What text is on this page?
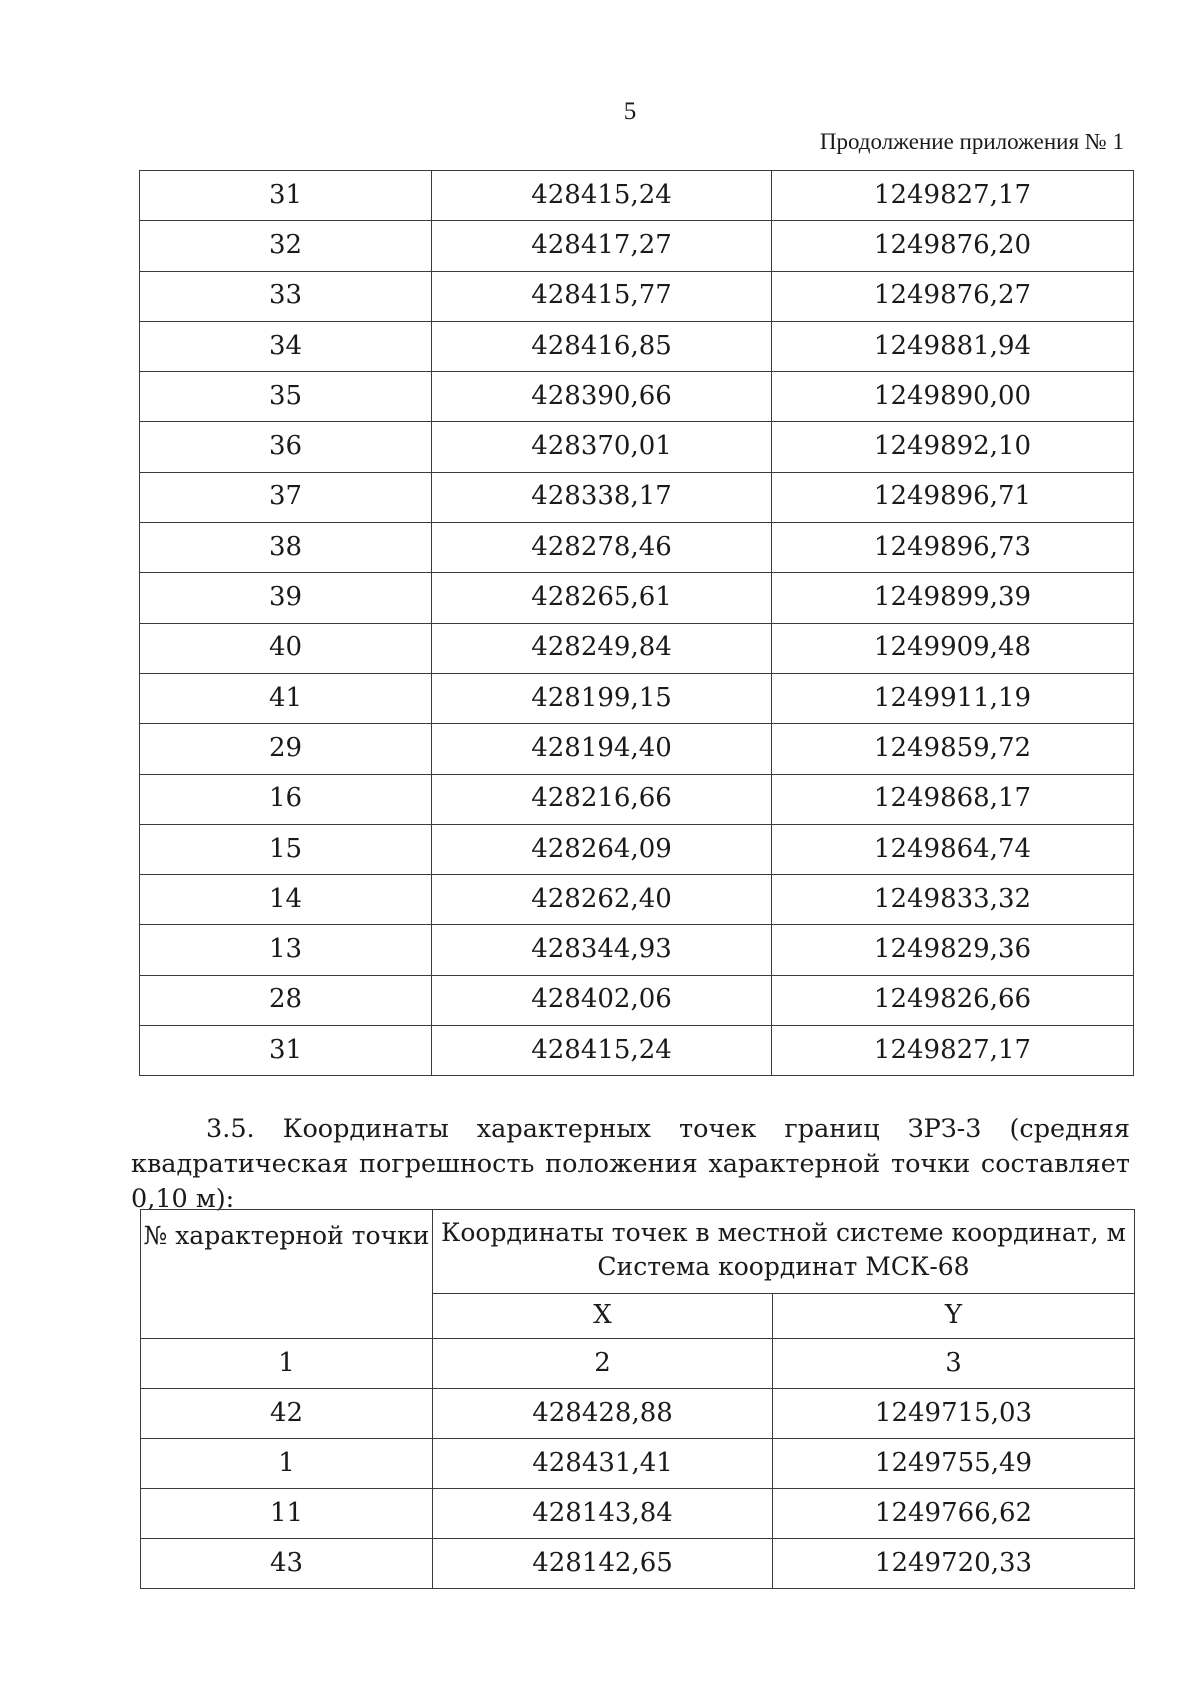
5
Продолжение приложения № 1
31	428415,24	1249827,17
32	428417,27	1249876,20
33	428415,77	1249876,27
34	428416,85	1249881,94
35	428390,66	1249890,00
36	428370,01	1249892,10
37	428338,17	1249896,71
38	428278,46	1249896,73
39	428265,61	1249899,39
40	428249,84	1249909,48
41	428199,15	1249911,19
29	428194,40	1249859,72
16	428216,66	1249868,17
15	428264,09	1249864,74
14	428262,40	1249833,32
13	428344,93	1249829,36
28	428402,06	1249826,66
31	428415,24	1249827,17
3.5. Координаты характерных точек границ ЗРЗ-3 (средняя квадратическая погрешность положения характерной точки составляет 0,10 м):
№ характерной точки	Координаты точек в местной системе координат, м
Система координат МСК-68	

	X	Y
1	2	3
42	428428,88	1249715,03
1	428431,41	1249755,49
11	428143,84	1249766,62
43	428142,65	1249720,33
